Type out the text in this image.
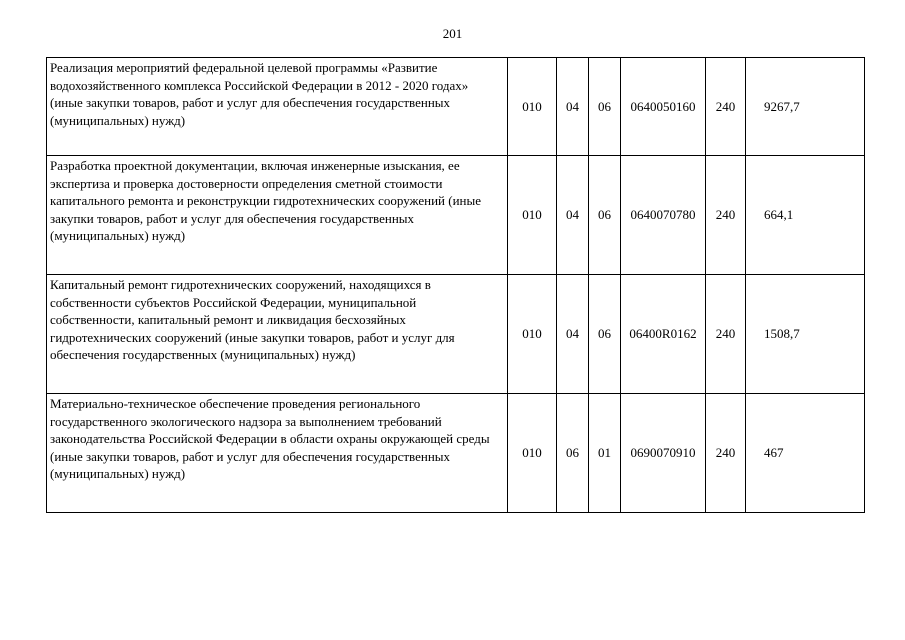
201
Реализация мероприятий федеральной целевой программы «Развитие водохозяйственного комплекса Российской Федерации в 2012 - 2020 годах» (иные закупки товаров, работ и услуг для обеспечения государственных (муниципальных) нужд)	010	04	06	0640050160	240	9267,7
Разработка проектной документации, включая инженерные изыскания, ее экспертиза и проверка достоверности определения сметной стоимости капитального ремонта и реконструкции гидротехнических сооружений (иные закупки товаров, работ и услуг для обеспечения государственных (муниципальных) нужд)	010	04	06	0640070780	240	664,1
Капитальный ремонт гидротехнических сооружений, находящихся в собственности субъектов Российской Федерации, муниципальной собственности, капитальный ремонт и ликвидация бесхозяйных гидротехнических сооружений (иные закупки товаров, работ и услуг для обеспечения государственных (муниципальных) нужд)	010	04	06	06400R0162	240	1508,7
Материально-техническое обеспечение проведения регионального государственного экологического надзора за выполнением требований законодательства Российской Федерации в области охраны окружающей среды (иные закупки товаров, работ и услуг для обеспечения государственных (муниципальных) нужд)	010	06	01	0690070910	240	467
